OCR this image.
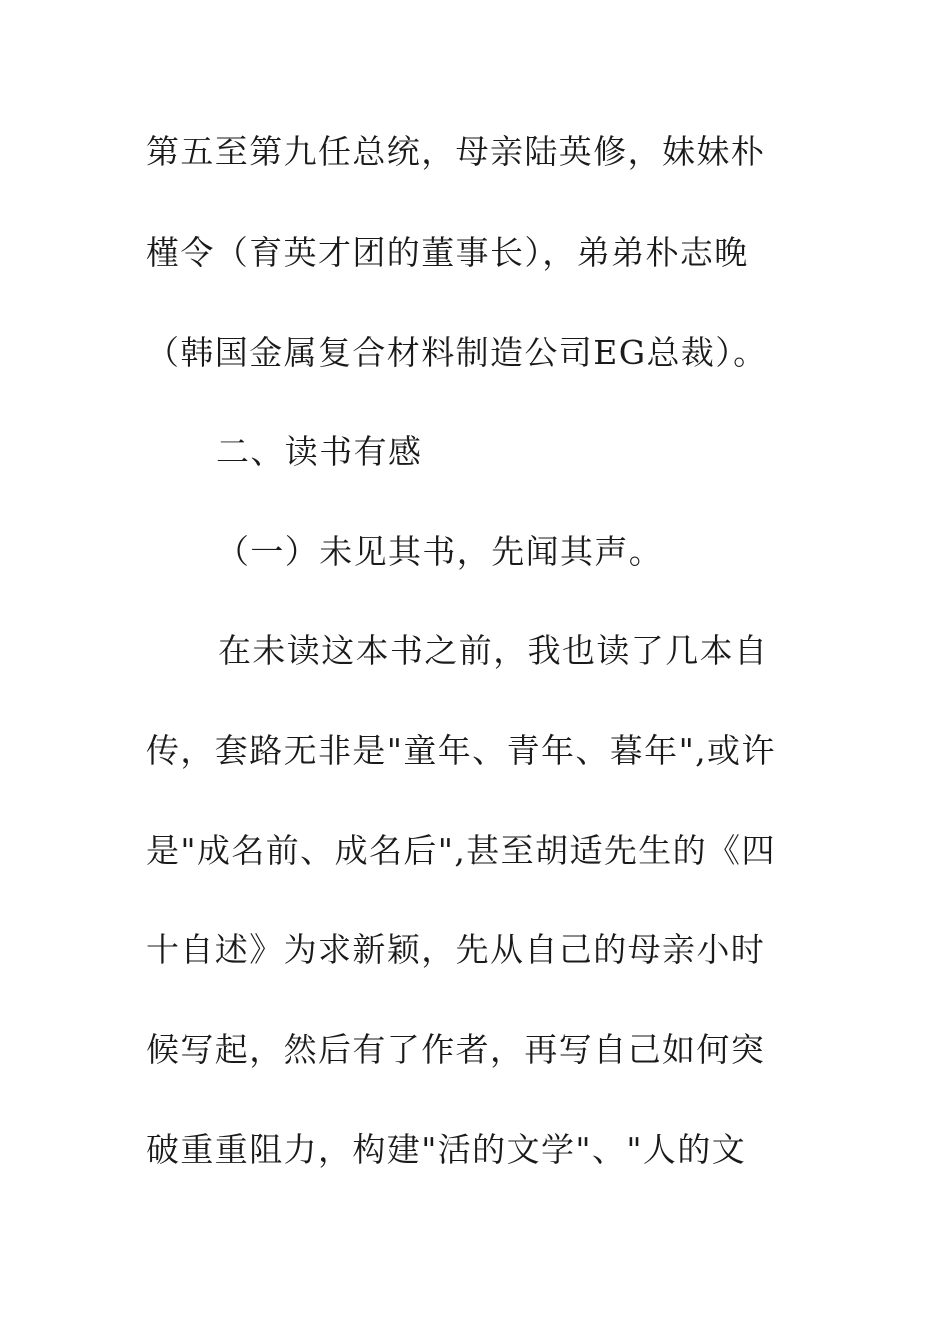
第五至第九任总统，母亲陆英修，妹妹朴
槿令（育英才团的董事长），弟弟朴志晚
（韩国金属复合材料制造公司EG总裁）。
二、读书有感
（一）未见其书，先闻其声。
在未读这本书之前，我也读了几本自
传，套路无非是"童年、青年、暮年",或许
是"成名前、成名后",甚至胡适先生的《四
十自述》为求新颖，先从自己的母亲小时
候写起，然后有了作者，再写自己如何突
破重重阻力，构建"活的文学"、"人的文
